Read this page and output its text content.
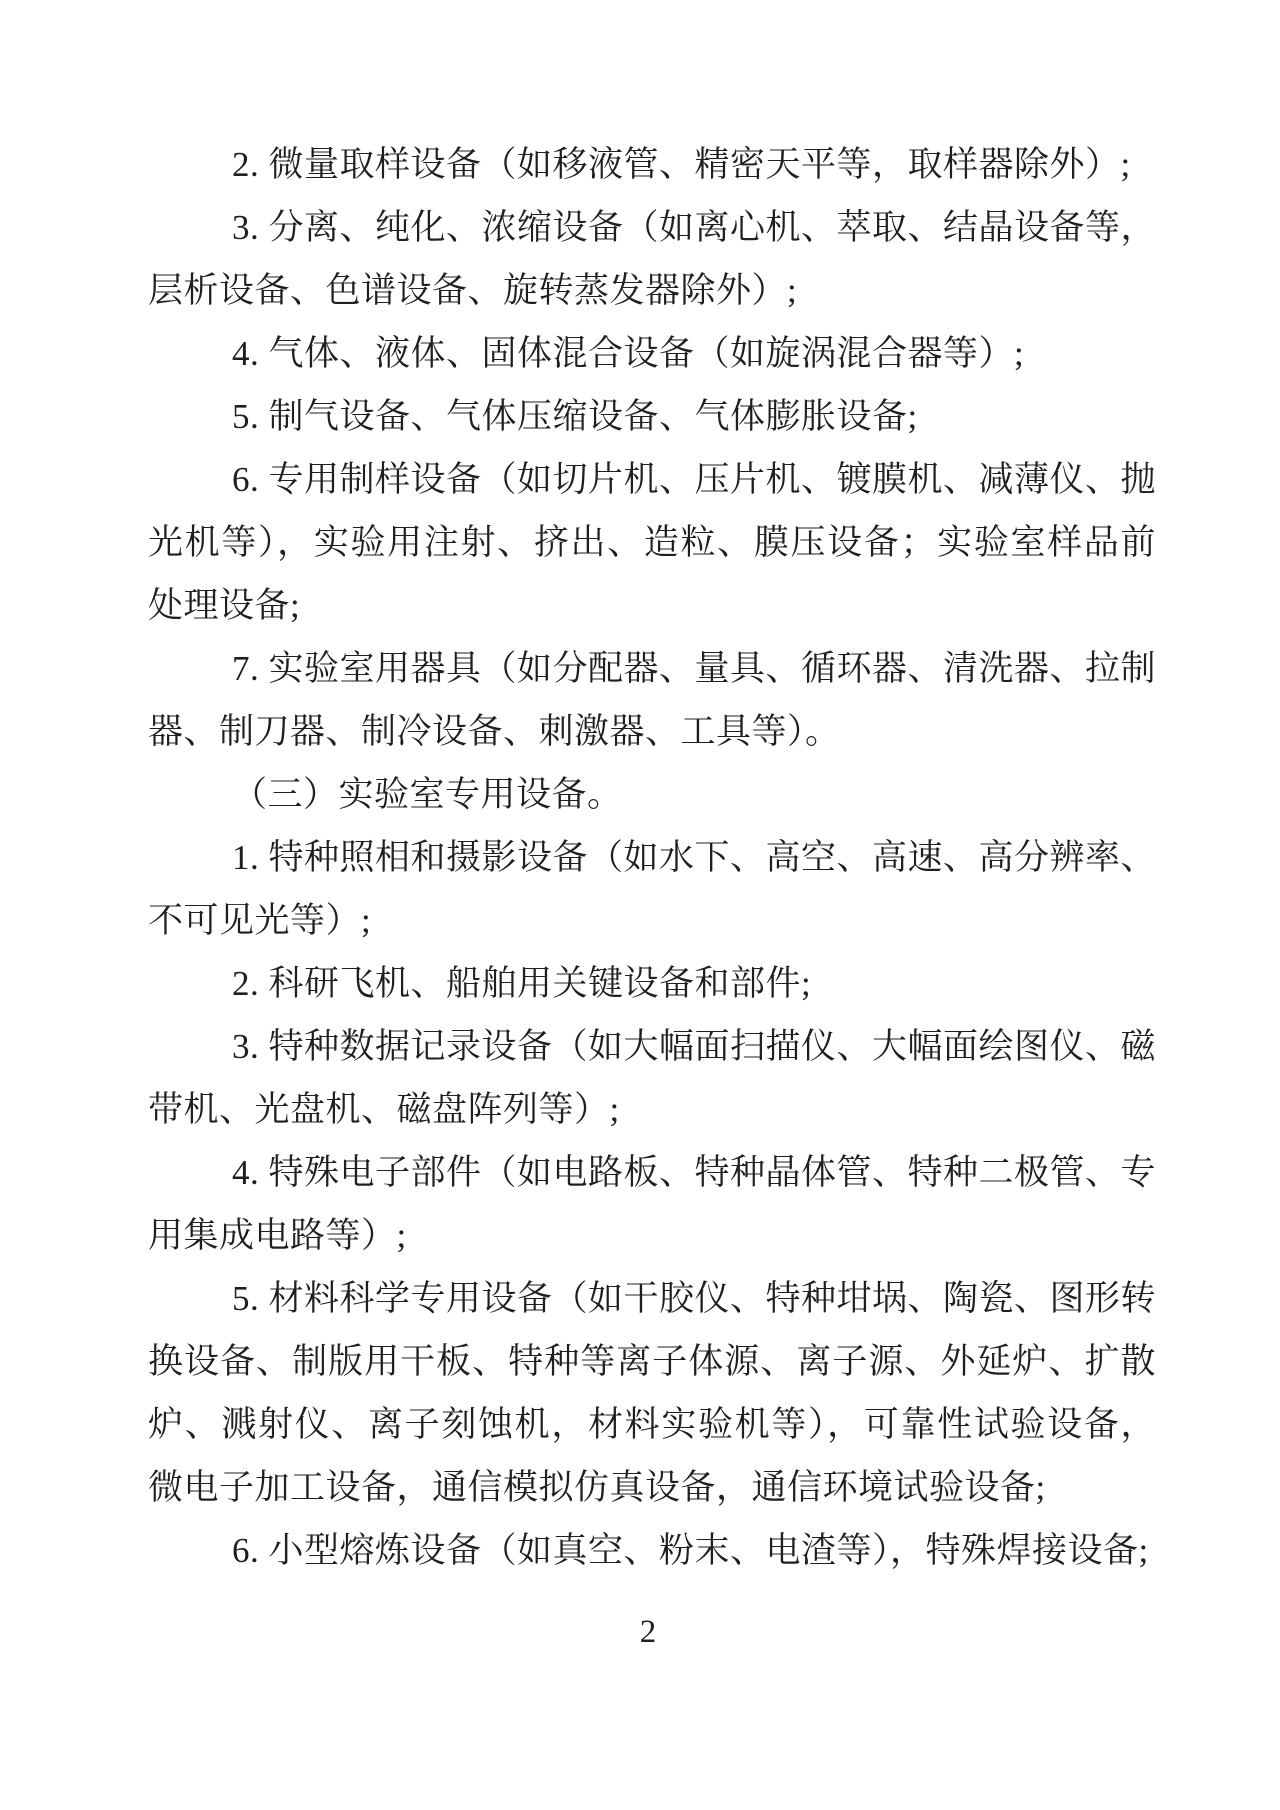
2. 微量取样设备（如移液管、精密天平等，取样器除外）;
3. 分离、纯化、浓缩设备（如离心机、萃取、结晶设备等，
层析设备、色谱设备、旋转蒸发器除外）;
4. 气体、液体、固体混合设备（如旋涡混合器等）;
5. 制气设备、气体压缩设备、气体膨胀设备;
6. 专用制样设备（如切片机、压片机、镀膜机、减薄仪、抛
光机等），实验用注射、挤出、造粒、膜压设备；实验室样品前
处理设备;
7. 实验室用器具（如分配器、量具、循环器、清洗器、拉制
器、制刀器、制冷设备、刺激器、工具等）。
（三）实验室专用设备。
1. 特种照相和摄影设备（如水下、高空、高速、高分辨率、
不可见光等）;
2. 科研飞机、船舶用关键设备和部件;
3. 特种数据记录设备（如大幅面扫描仪、大幅面绘图仪、磁
带机、光盘机、磁盘阵列等）;
4. 特殊电子部件（如电路板、特种晶体管、特种二极管、专
用集成电路等）;
5. 材料科学专用设备（如干胶仪、特种坩埚、陶瓷、图形转
换设备、制版用干板、特种等离子体源、离子源、外延炉、扩散
炉、溅射仪、离子刻蚀机，材料实验机等），可靠性试验设备，
微电子加工设备，通信模拟仿真设备，通信环境试验设备;
6. 小型熔炼设备（如真空、粉末、电渣等），特殊焊接设备;
2
